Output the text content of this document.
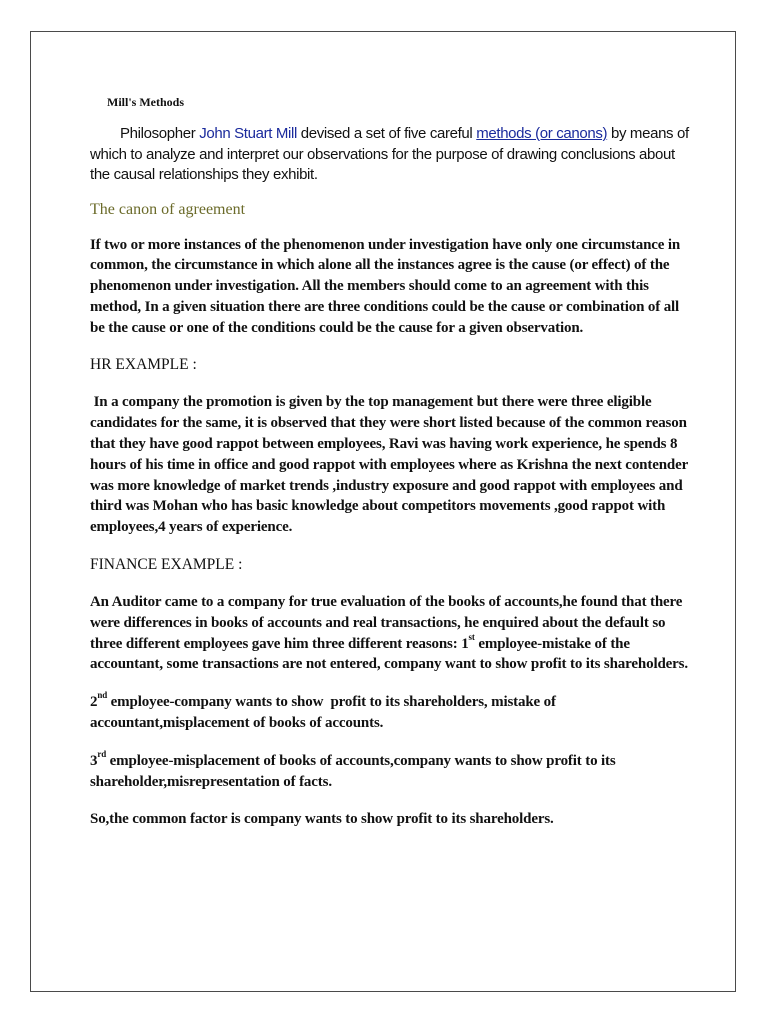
Mill's Methods

Philosopher John Stuart Mill devised a set of five careful methods (or canons) by means of which to analyze and interpret our observations for the purpose of drawing conclusions about the causal relationships they exhibit.

The canon of agreement

If two or more instances of the phenomenon under investigation have only one circumstance in common, the circumstance in which alone all the instances agree is the cause (or effect) of the phenomenon under investigation. All the members should come to an agreement with this method, In a given situation there are three conditions could be the cause or combination of all be the cause or one of the conditions could be the cause for a given observation.

HR EXAMPLE :

In a company the promotion is given by the top management but there were three eligible candidates for the same, it is observed that they were short listed because of the common reason that they have good rappot between employees, Ravi was having work experience, he spends 8 hours of his time in office and good rappot with employees where as Krishna the next contender was more knowledge of market trends ,industry exposure and good rappot with employees and third was Mohan who has basic knowledge about competitors movements ,good rappot with employees,4 years of experience.

FINANCE EXAMPLE :

An Auditor came to a company for true evaluation of the books of accounts,he found that there were differences in books of accounts and real transactions, he enquired about the default so three different employees gave him three different reasons: 1st employee-mistake of the accountant, some transactions are not entered, company want to show profit to its shareholders.

2nd employee-company wants to show  profit to its shareholders, mistake of accountant,misplacement of books of accounts.

3rd employee-misplacement of books of accounts,company wants to show profit to its shareholder,misrepresentation of facts.

So,the common factor is company wants to show profit to its shareholders.
